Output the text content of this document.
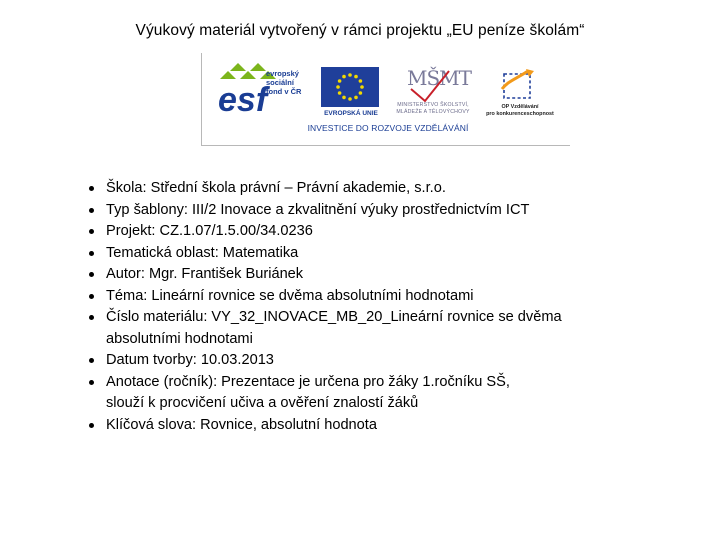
Výukový materiál vytvořený v rámci projektu „EU peníze školám“
esf
evropský
sociální
fond v ČR
EVROPSKÁ UNIE
MŠMT
MINISTERSTVO ŠKOLSTVÍ,
MLÁDEŽE A TĚLOVÝCHOVY
OP Vzdělávání
pro konkurenceschopnost
INVESTICE DO ROZVOJE VZDĚLÁVÁNÍ
Škola: Střední škola právní – Právní akademie, s.r.o.
Typ šablony: III/2 Inovace a zkvalitnění výuky prostřednictvím ICT
Projekt: CZ.1.07/1.5.00/34.0236
Tematická oblast: Matematika
Autor: Mgr. František Buriánek
Téma: Lineární rovnice se dvěma absolutními hodnotami
Číslo materiálu: VY_32_INOVACE_MB_20_Lineární rovnice se dvěma
absolutními hodnotami
Datum tvorby: 10.03.2013
Anotace (ročník): Prezentace je určena pro žáky 1.ročníku SŠ,
slouží k procvičení učiva a ověření znalostí žáků
Klíčová slova: Rovnice, absolutní hodnota
